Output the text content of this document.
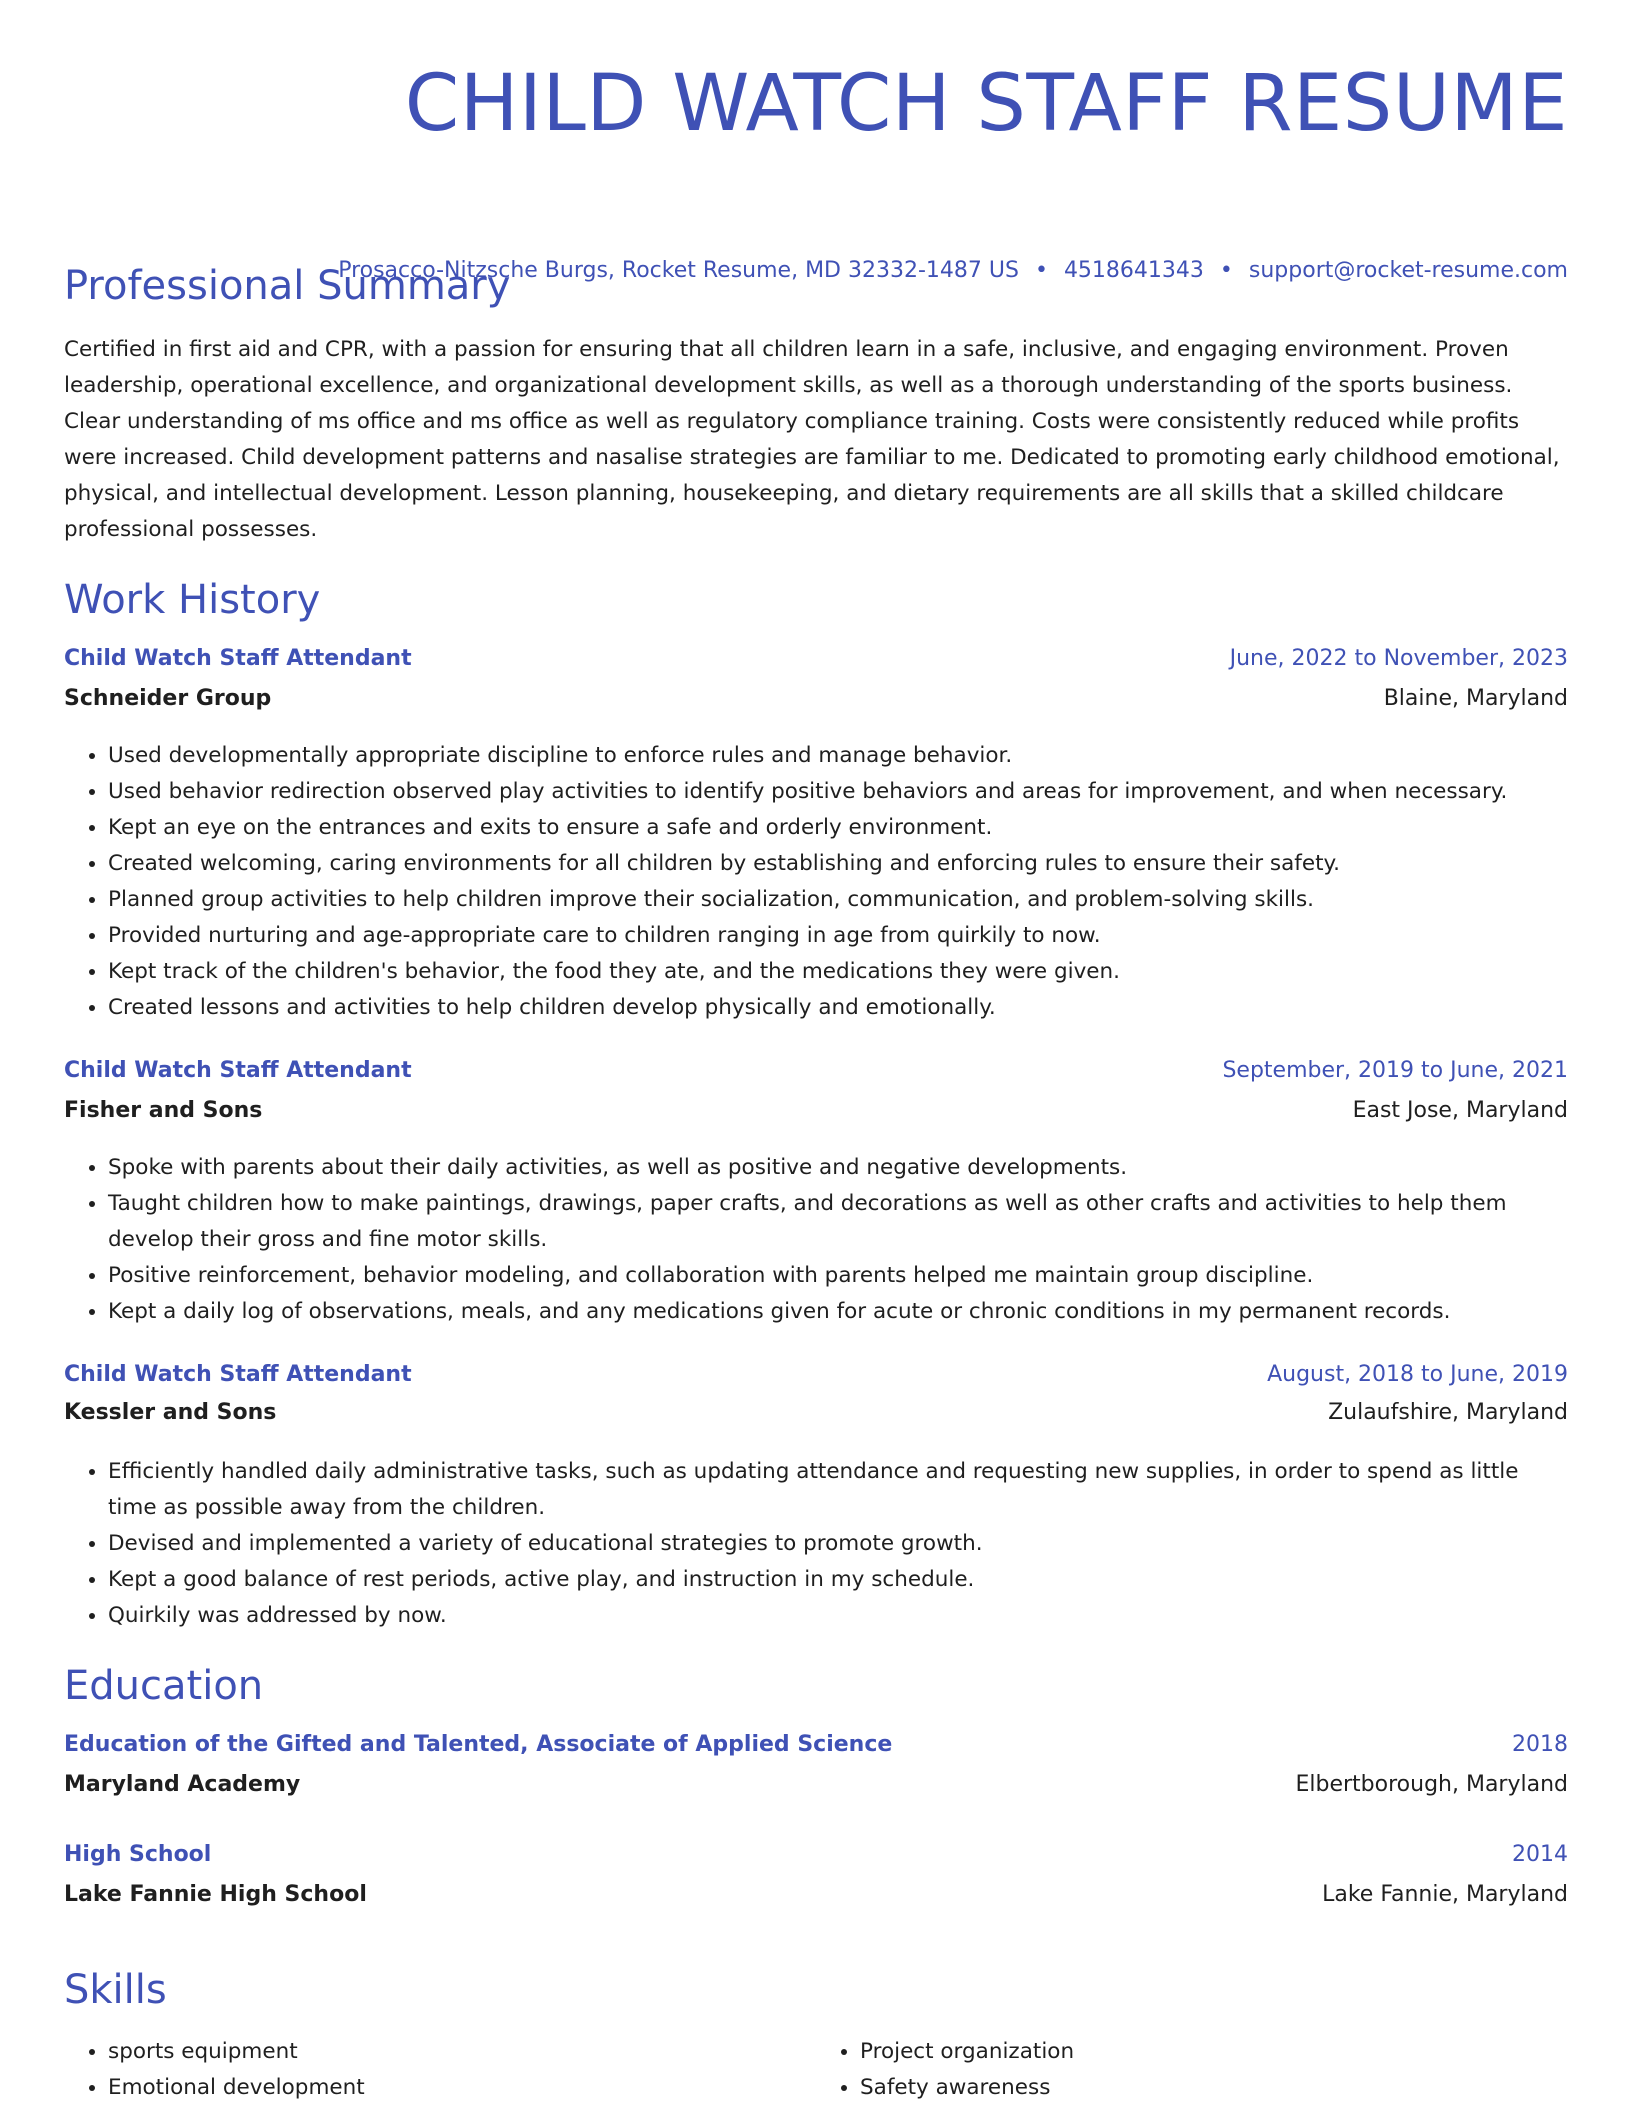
CHILD WATCH STAFF RESUME
Prosacco-Nitzsche Burgs, Rocket Resume, MD 32332-1487 US • 4518641343 • support@rocket-resume.com
Professional Summary

Certified in first aid and CPR, with a passion for ensuring that all children learn in a safe, inclusive, and engaging environment. Proven leadership, operational excellence, and organizational development skills, as well as a thorough understanding of the sports business. Clear understanding of ms office and ms office as well as regulatory compliance training. Costs were consistently reduced while profits were increased. Child development patterns and nasalise strategies are familiar to me. Dedicated to promoting early childhood emotional, physical, and intellectual development. Lesson planning, housekeeping, and dietary requirements are all skills that a skilled childcare professional possesses.

Work History
Child Watch Staff Attendant	June, 2022 to November, 2023
Schneider Group	Blaine, Maryland
• Used developmentally appropriate discipline to enforce rules and manage behavior.
• Used behavior redirection observed play activities to identify positive behaviors and areas for improvement, and when necessary.
• Kept an eye on the entrances and exits to ensure a safe and orderly environment.
• Created welcoming, caring environments for all children by establishing and enforcing rules to ensure their safety.
• Planned group activities to help children improve their socialization, communication, and problem-solving skills.
• Provided nurturing and age-appropriate care to children ranging in age from quirkily to now.
• Kept track of the children's behavior, the food they ate, and the medications they were given.
• Created lessons and activities to help children develop physically and emotionally.
Child Watch Staff Attendant	September, 2019 to June, 2021
Fisher and Sons	East Jose, Maryland
• Spoke with parents about their daily activities, as well as positive and negative developments.
• Taught children how to make paintings, drawings, paper crafts, and decorations as well as other crafts and activities to help them develop their gross and fine motor skills.
• Positive reinforcement, behavior modeling, and collaboration with parents helped me maintain group discipline.
• Kept a daily log of observations, meals, and any medications given for acute or chronic conditions in my permanent records.
Child Watch Staff Attendant	August, 2018 to June, 2019
Kessler and Sons	Zulaufshire, Maryland
• Efficiently handled daily administrative tasks, such as updating attendance and requesting new supplies, in order to spend as little time as possible away from the children.
• Devised and implemented a variety of educational strategies to promote growth.
• Kept a good balance of rest periods, active play, and instruction in my schedule.
• Quirkily was addressed by now.
Education
Education of the Gifted and Talented, Associate of Applied Science	2018
Maryland Academy	Elbertborough, Maryland
High School	2014
Lake Fannie High School	Lake Fannie, Maryland
Skills
• sports equipment
• Emotional development
• Project organization
• Safety awareness
